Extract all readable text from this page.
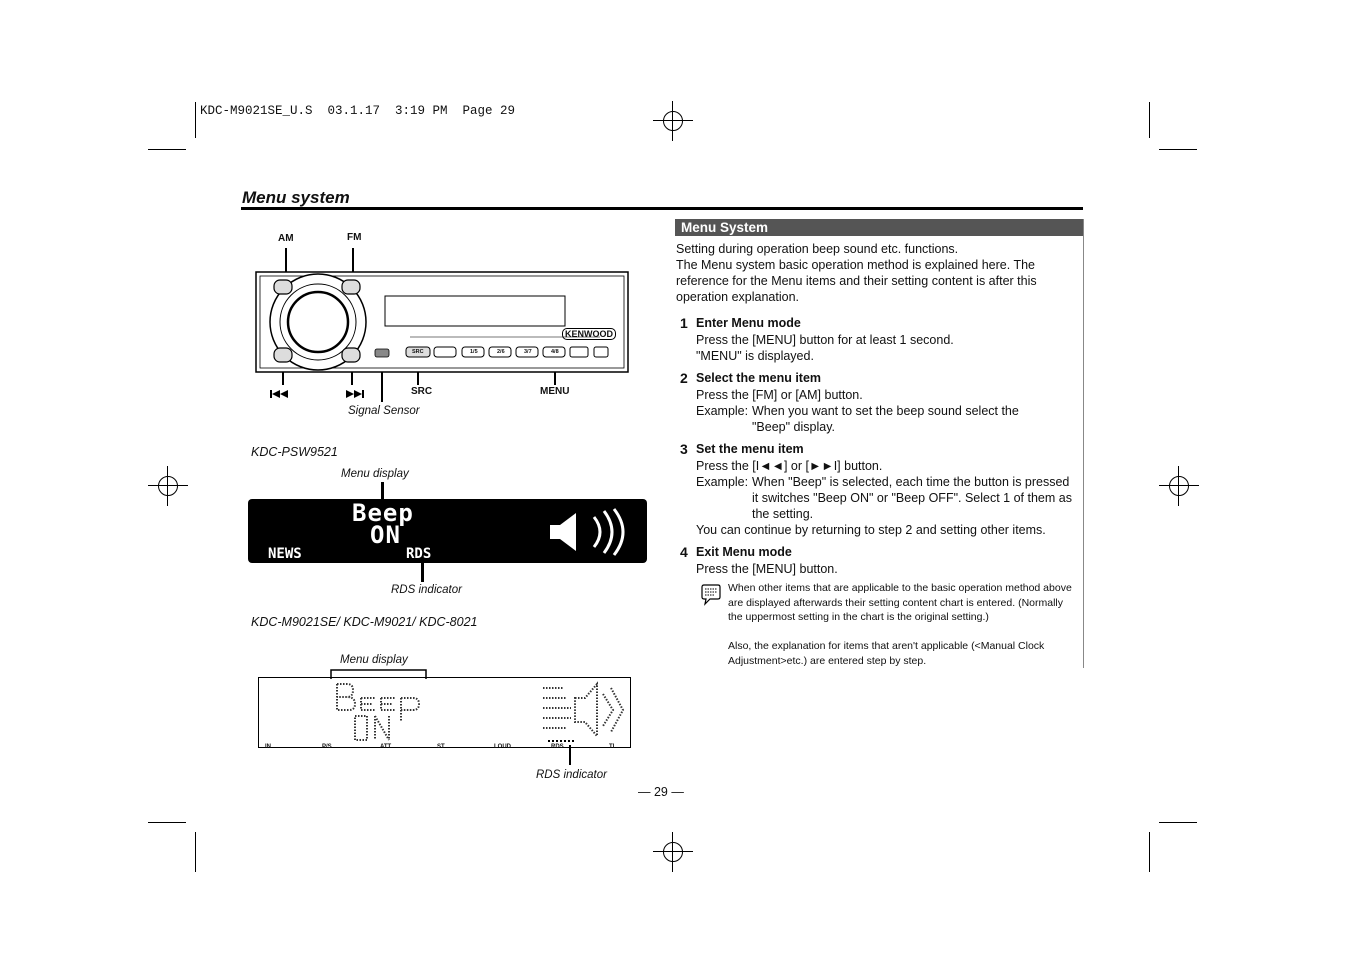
KDC-M9021SE_U.S  03.1.17  3:19 PM  Page 29
Menu system
AM	FM
SRC	MENU
Signal Sensor
KENWOOD
SRC	1/5	2/6	3/7	4/8
KDC-PSW9521
Menu display
Beep
ON
NEWS	RDS
RDS indicator
KDC-M9021SE/ KDC-M9021/ KDC-8021
Menu display
IN	P/S	ATT	ST	LOUD	RDS	TI
RDS indicator
Menu System
Setting during operation beep sound etc. functions.
The Menu system basic operation method is explained here. The reference for the Menu items and their setting content is after this operation explanation.
1 Enter Menu mode
Press the [MENU] button for at least 1 second.
"MENU" is displayed.
2 Select the menu item
Press the [FM] or [AM] button.
Example: When you want to set the beep sound select the "Beep" display.
3 Set the menu item
Press the [I◄◄] or [►►I] button.
Example: When "Beep" is selected, each time the button is pressed it switches "Beep ON" or "Beep OFF". Select 1 of them as the setting.
You can continue by returning to step 2 and setting other items.
4 Exit Menu mode
Press the [MENU] button.
When other items that are applicable to the basic operation method above are displayed afterwards their setting content chart is entered. (Normally the uppermost setting in the chart is the original setting.)
Also, the explanation for items that aren't applicable (<Manual Clock Adjustment>etc.) are entered step by step.
— 29 —
